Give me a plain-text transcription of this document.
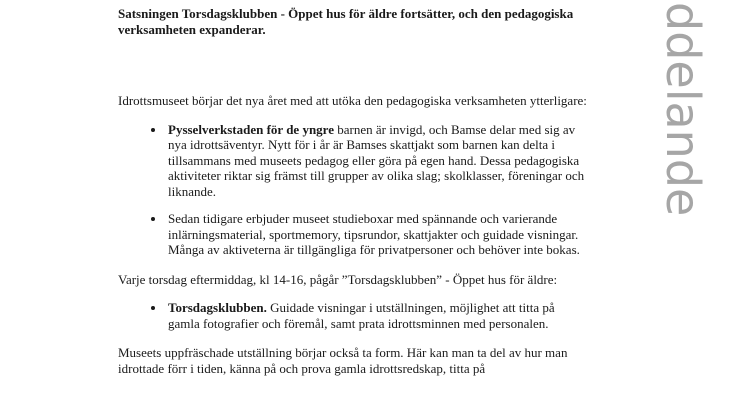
Satsningen Torsdagsklubben - Öppet hus för äldre fortsätter, och den pedagogiska verksamheten expanderar.

Idrottsmuseet börjar det nya året med att utöka den pedagogiska verksamheten ytterligare:

• Pysselverkstaden för de yngre barnen är invigd, och Bamse delar med sig av nya idrottsäventyr. Nytt för i år är Bamses skattjakt som barnen kan delta i tillsammans med museets pedagog eller göra på egen hand. Dessa pedagogiska aktiviteter riktar sig främst till grupper av olika slag; skolklasser, föreningar och liknande.
• Sedan tidigare erbjuder museet studieboxar med spännande och varierande inlärningsmaterial, sportmemory, tipsrundor, skattjakter och guidade visningar. Många av aktiveterna är tillgängliga för privatpersoner och behöver inte bokas.

Varje torsdag eftermiddag, kl 14-16, pågår ”Torsdagsklubben” - Öppet hus för äldre:

• Torsdagsklubben. Guidade visningar i utställningen, möjlighet att titta på gamla fotografier och föremål, samt prata idrottsminnen med personalen.

Museets uppfräschade utställning börjar också ta form. Här kan man ta del av hur man idrottade förr i tiden, känna på och prova gamla idrottsredskap, titta på

ddelande
